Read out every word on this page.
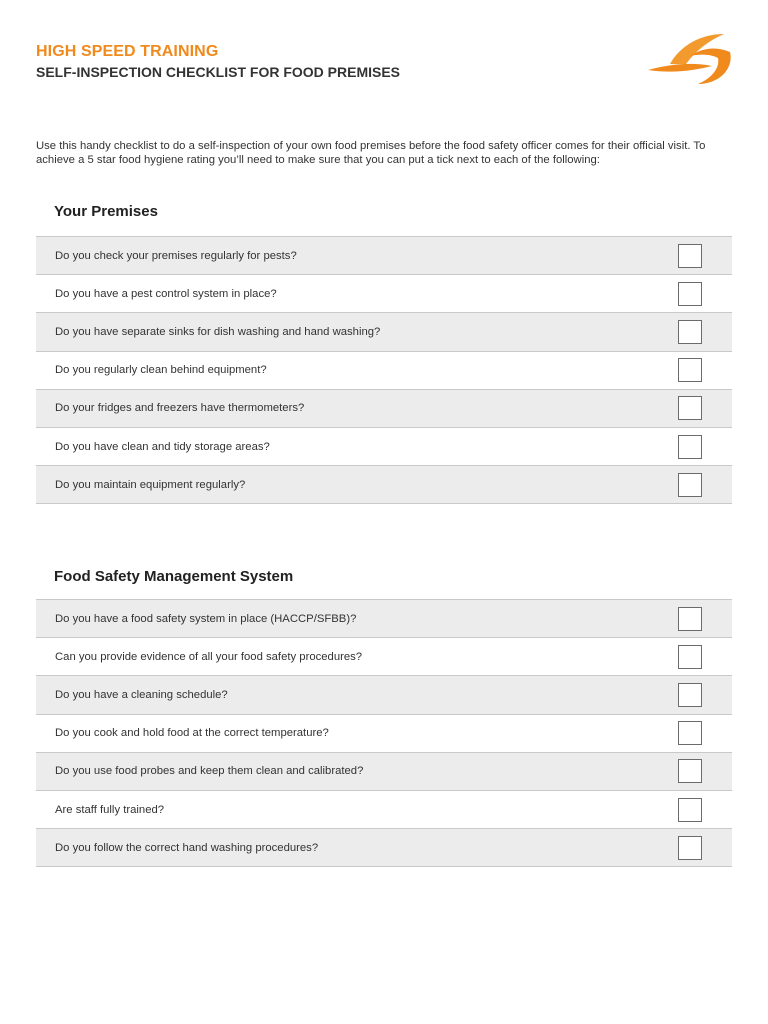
HIGH SPEED TRAINING
SELF-INSPECTION CHECKLIST FOR FOOD PREMISES
Use this handy checklist to do a self-inspection of your own food premises before the food safety officer comes for their official visit. To achieve a 5 star food hygiene rating you’ll need to make sure that you can put a tick next to each of the following:
Your Premises
Do you check your premises regularly for pests?
Do you have a pest control system in place?
Do you have separate sinks for dish washing and hand washing?
Do you regularly clean behind equipment?
Do your fridges and freezers have thermometers?
Do you have clean and tidy storage areas?
Do you maintain equipment regularly?
Food Safety Management System
Do you have a food safety system in place (HACCP/SFBB)?
Can you provide evidence of all your food safety procedures?
Do you have a cleaning schedule?
Do you cook and hold food at the correct temperature?
Do you use food probes and keep them clean and calibrated?
Are staff fully trained?
Do you follow the correct hand washing procedures?
